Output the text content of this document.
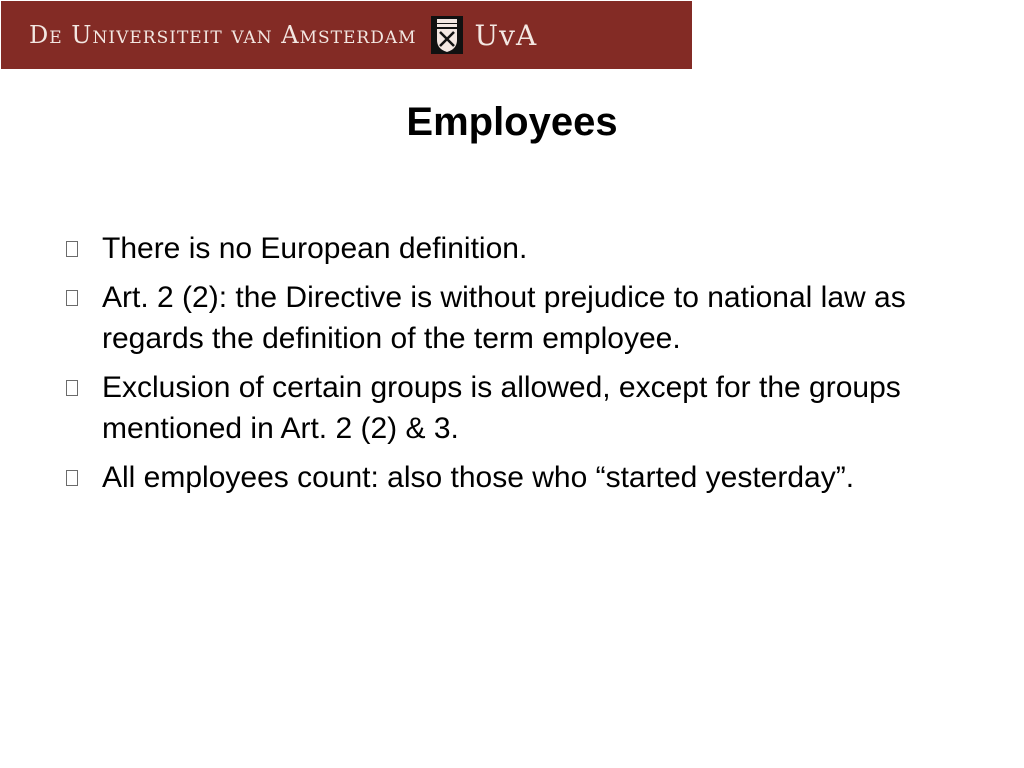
De Universiteit van Amsterdam UvA
Employees
There is no European definition.
Art. 2 (2): the Directive is without prejudice to national law as regards the definition of the term employee.
Exclusion of certain groups is allowed, except for the groups mentioned in Art. 2 (2) & 3.
All employees count: also those who “started yesterday”.
